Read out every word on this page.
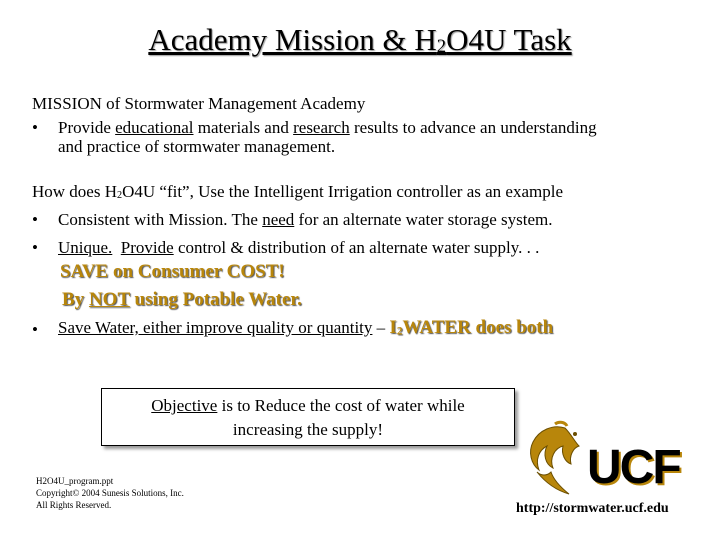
Academy Mission & H2O4U Task
MISSION of Stormwater Management Academy
• Provide educational materials and research results to advance an understanding
and practice of stormwater management.
How does H2O4U “fit”, Use the Intelligent Irrigation controller as an example
• Consistent with Mission. The need for an alternate water storage system.
• Unique. Provide control & distribution of an alternate water supply. . .
SAVE on Consumer COST!
By NOT using Potable Water.
• Save Water, either improve quality or quantity – I2WATER does both
Objective is to Reduce the cost of water while
increasing the supply!
H2O4U_program.ppt
Copyright© 2004 Sunesis Solutions, Inc.
All Rights Reserved.
UCF
http://stormwater.ucf.edu
